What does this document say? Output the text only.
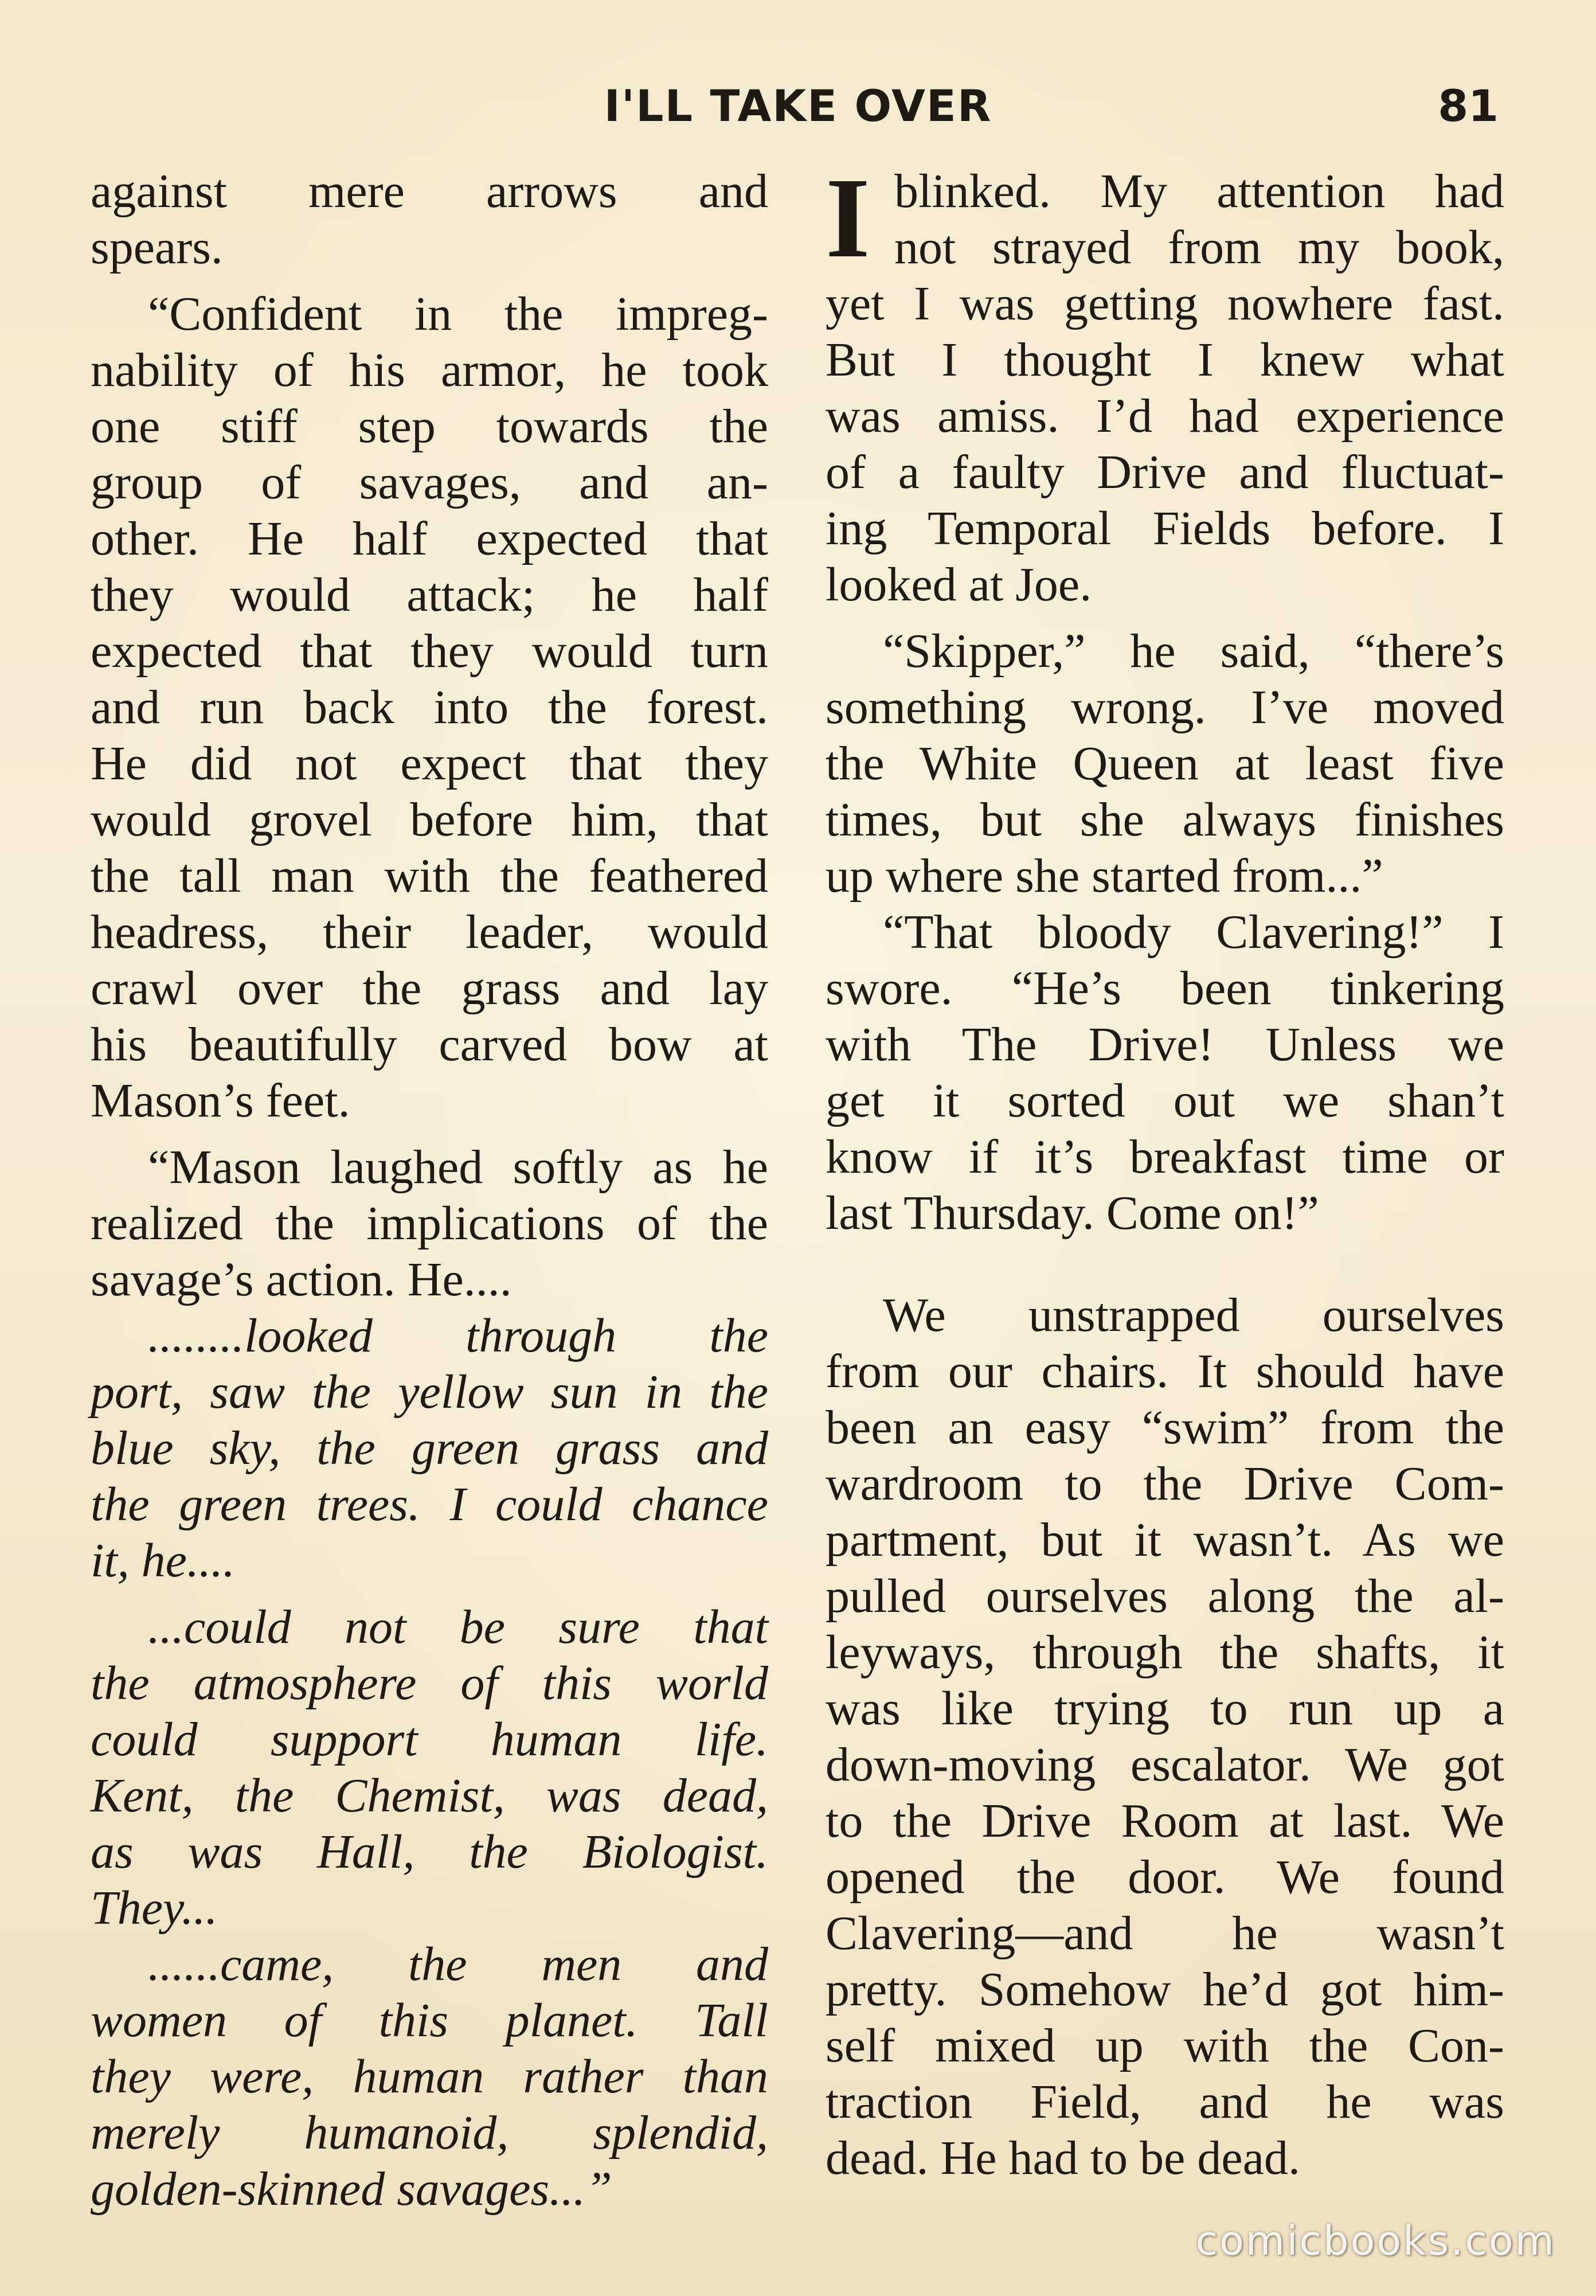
I'LL TAKE OVER	81
against mere arrows and
spears.
“Confident in the impreg-
nability of his armor, he took
one stiff step towards the
group of savages, and an-
other. He half expected that
they would attack; he half
expected that they would turn
and run back into the forest.
He did not expect that they
would grovel before him, that
the tall man with the feathered
headress, their leader, would
crawl over the grass and lay
his beautifully carved bow at
Mason’s feet.
“Mason laughed softly as he
realized the implications of the
savage’s action. He....
........looked through the
port, saw the yellow sun in the
blue sky, the green grass and
the green trees. I could chance
it, he....
...could not be sure that
the atmosphere of this world
could support human life.
Kent, the Chemist, was dead,
as was Hall, the Biologist.
They...
......came, the men and
women of this planet. Tall
they were, human rather than
merely humanoid, splendid,
golden-skinned savages...”
I blinked. My attention had
not strayed from my book,
yet I was getting nowhere fast.
But I thought I knew what
was amiss. I’d had experience
of a faulty Drive and fluctuat-
ing Temporal Fields before. I
looked at Joe.
“Skipper,” he said, “there’s
something wrong. I’ve moved
the White Queen at least five
times, but she always finishes
up where she started from...”
“That bloody Clavering!” I
swore. “He’s been tinkering
with The Drive! Unless we
get it sorted out we shan’t
know if it’s breakfast time or
last Thursday. Come on!”
We unstrapped ourselves
from our chairs. It should have
been an easy “swim” from the
wardroom to the Drive Com-
partment, but it wasn’t. As we
pulled ourselves along the al-
leyways, through the shafts, it
was like trying to run up a
down-moving escalator. We got
to the Drive Room at last. We
opened the door. We found
Clavering—and he wasn’t
pretty. Somehow he’d got him-
self mixed up with the Con-
traction Field, and he was
dead. He had to be dead.
comicbooks.com
